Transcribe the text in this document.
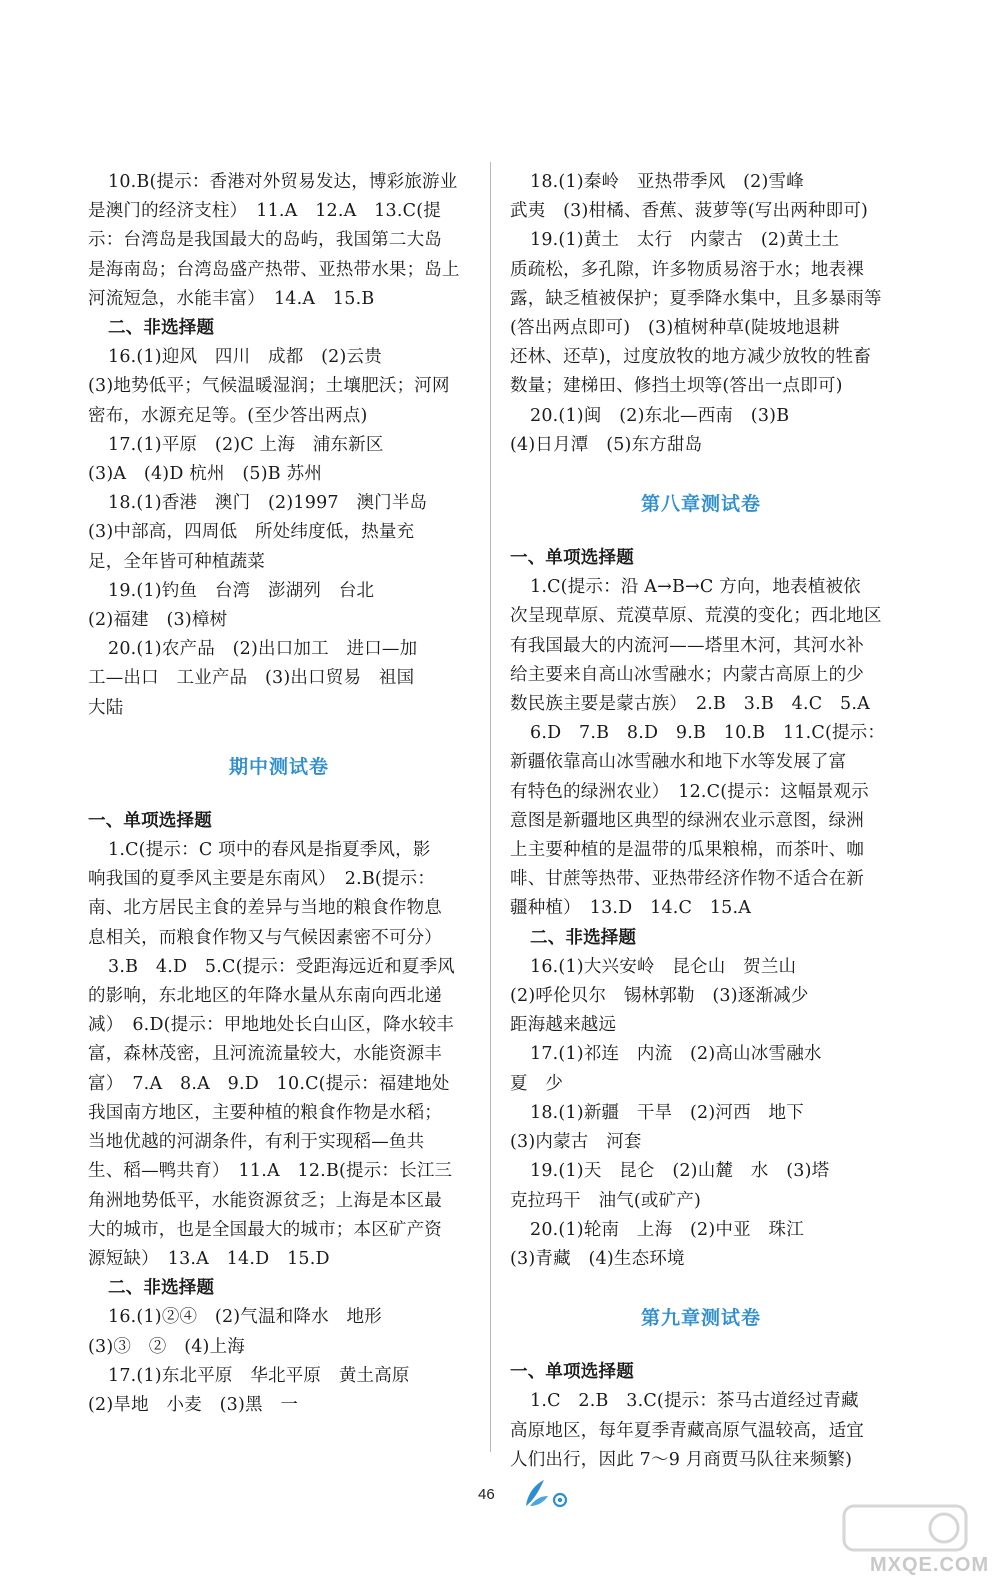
10.B(提示：香港对外贸易发达，博彩旅游业
是澳门的经济支柱）　11.A　12.A　13.C(提
示：台湾岛是我国最大的岛屿，我国第二大岛
是海南岛；台湾岛盛产热带、亚热带水果；岛上
河流短急，水能丰富）　14.A　15.B
二、非选择题
16.(1)迎风　四川　成都　(2)云贵
(3)地势低平；气候温暖湿润；土壤肥沃；河网
密布，水源充足等。(至少答出两点)
17.(1)平原　(2)C 上海　浦东新区
(3)A　(4)D 杭州　(5)B 苏州
18.(1)香港　澳门　(2)1997　澳门半岛
(3)中部高，四周低　所处纬度低，热量充
足，全年皆可种植蔬菜
19.(1)钓鱼　台湾　澎湖列　台北
(2)福建　(3)樟树
20.(1)农产品　(2)出口加工　进口—加
工—出口　工业产品　(3)出口贸易　祖国
大陆
期中测试卷
一、单项选择题
1.C(提示：C 项中的春风是指夏季风，影
响我国的夏季风主要是东南风）　2.B(提示：
南、北方居民主食的差异与当地的粮食作物息
息相关，而粮食作物又与气候因素密不可分）
3.B　4.D　5.C(提示：受距海远近和夏季风
的影响，东北地区的年降水量从东南向西北递
减）　6.D(提示：甲地地处长白山区，降水较丰
富，森林茂密，且河流流量较大，水能资源丰
富）　7.A　8.A　9.D　10.C(提示：福建地处
我国南方地区，主要种植的粮食作物是水稻；
当地优越的河湖条件，有利于实现稻—鱼共
生、稻—鸭共育）　11.A　12.B(提示：长江三
角洲地势低平，水能资源贫乏；上海是本区最
大的城市，也是全国最大的城市；本区矿产资
源短缺）　13.A　14.D　15.D
二、非选择题
16.(1)②④　(2)气温和降水　地形
(3)③　②　(4)上海
17.(1)东北平原　华北平原　黄土高原
(2)旱地　小麦　(3)黑　一
18.(1)秦岭　亚热带季风　(2)雪峰
武夷　(3)柑橘、香蕉、菠萝等(写出两种即可)
19.(1)黄土　太行　内蒙古　(2)黄土土
质疏松，多孔隙，许多物质易溶于水；地表裸
露，缺乏植被保护；夏季降水集中，且多暴雨等
(答出两点即可)　(3)植树种草(陡坡地退耕
还林、还草)，过度放牧的地方减少放牧的牲畜
数量；建梯田、修挡土坝等(答出一点即可)
20.(1)闽　(2)东北—西南　(3)B
(4)日月潭　(5)东方甜岛
第八章测试卷
一、单项选择题
1.C(提示：沿 A→B→C 方向，地表植被依
次呈现草原、荒漠草原、荒漠的变化；西北地区
有我国最大的内流河——塔里木河，其河水补
给主要来自高山冰雪融水；内蒙古高原上的少
数民族主要是蒙古族）　2.B　3.B　4.C　5.A
6.D　7.B　8.D　9.B　10.B　11.C(提示：
新疆依靠高山冰雪融水和地下水等发展了富
有特色的绿洲农业）　12.C(提示：这幅景观示
意图是新疆地区典型的绿洲农业示意图，绿洲
上主要种植的是温带的瓜果粮棉，而茶叶、咖
啡、甘蔗等热带、亚热带经济作物不适合在新
疆种植）　13.D　14.C　15.A
二、非选择题
16.(1)大兴安岭　昆仑山　贺兰山
(2)呼伦贝尔　锡林郭勒　(3)逐渐减少
距海越来越远
17.(1)祁连　内流　(2)高山冰雪融水
夏　少
18.(1)新疆　干旱　(2)河西　地下
(3)内蒙古　河套
19.(1)天　昆仑　(2)山麓　水　(3)塔
克拉玛干　油气(或矿产)
20.(1)轮南　上海　(2)中亚　珠江
(3)青藏　(4)生态环境
第九章测试卷
一、单项选择题
1.C　2.B　3.C(提示：茶马古道经过青藏
高原地区，每年夏季青藏高原气温较高，适宜
人们出行，因此 7～9 月商贾马队往来频繁)
46
MXQE.COM
